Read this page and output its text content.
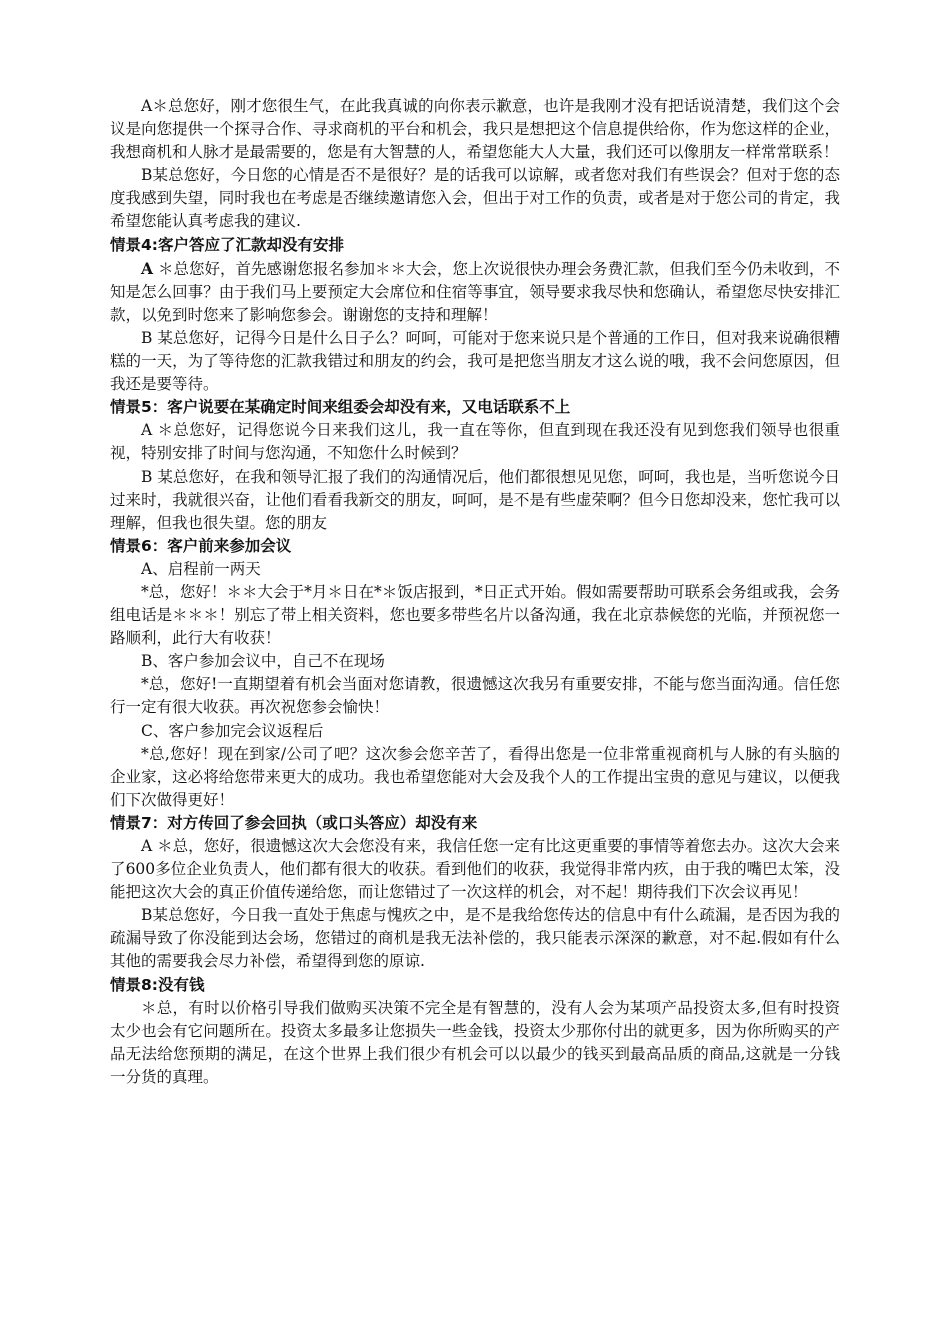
A＊总您好，刚才您很生气，在此我真诚的向你表示歉意，也许是我刚才没有把话说清楚，我们这个会议是向您提供一个探寻合作、寻求商机的平台和机会，我只是想把这个信息提供给你，作为您这样的企业，我想商机和人脉才是最需要的，您是有大智慧的人，希望您能大人大量，我们还可以像朋友一样常常联系！

B某总您好，今日您的心情是否不是很好？是的话我可以谅解，或者您对我们有些误会？但对于您的态度我感到失望，同时我也在考虑是否继续邀请您入会，但出于对工作的负责，或者是对于您公司的肯定，我希望您能认真考虑我的建议.

情景4:客户答应了汇款却没有安排

A ＊总您好，首先感谢您报名参加＊＊大会，您上次说很快办理会务费汇款，但我们至今仍未收到，不知是怎么回事？由于我们马上要预定大会席位和住宿等事宜，领导要求我尽快和您确认，希望您尽快安排汇款，以免到时您来了影响您参会。谢谢您的支持和理解！

B 某总您好，记得今日是什么日子么？呵呵，可能对于您来说只是个普通的工作日，但对我来说确很糟糕的一天，为了等待您的汇款我错过和朋友的约会，我可是把您当朋友才这么说的哦，我不会问您原因，但我还是要等待。

情景5：客户说要在某确定时间来组委会却没有来，又电话联系不上

A ＊总您好，记得您说今日来我们这儿，我一直在等你，但直到现在我还没有见到您我们领导也很重视，特别安排了时间与您沟通，不知您什么时候到？

B 某总您好，在我和领导汇报了我们的沟通情况后，他们都很想见见您，呵呵，我也是，当听您说今日过来时，我就很兴奋，让他们看看我新交的朋友，呵呵，是不是有些虚荣啊？但今日您却没来，您忙我可以理解，但我也很失望。您的朋友

情景6：客户前来参加会议

A、启程前一两天

*总，您好！＊＊大会于*月＊日在*＊饭店报到，*日正式开始。假如需要帮助可联系会务组或我，会务组电话是＊＊＊！别忘了带上相关资料，您也要多带些名片以备沟通，我在北京恭候您的光临，并预祝您一路顺利，此行大有收获！

B、客户参加会议中，自己不在现场

*总，您好!一直期望着有机会当面对您请教，很遗憾这次我另有重要安排，不能与您当面沟通。信任您行一定有很大收获。再次祝您参会愉快！

C、客户参加完会议返程后

*总,您好！现在到家/公司了吧？这次参会您辛苦了，看得出您是一位非常重视商机与人脉的有头脑的企业家，这必将给您带来更大的成功。我也希望您能对大会及我个人的工作提出宝贵的意见与建议，以便我们下次做得更好！

情景7：对方传回了参会回执（或口头答应）却没有来

A ＊总，您好，很遗憾这次大会您没有来，我信任您一定有比这更重要的事情等着您去办。这次大会来了600多位企业负责人，他们都有很大的收获。看到他们的收获，我觉得非常内疚，由于我的嘴巴太笨，没能把这次大会的真正价值传递给您，而让您错过了一次这样的机会，对不起！期待我们下次会议再见！

B某总您好，今日我一直处于焦虑与愧疚之中，是不是我给您传达的信息中有什么疏漏，是否因为我的疏漏导致了你没能到达会场，您错过的商机是我无法补偿的，我只能表示深深的歉意，对不起.假如有什么其他的需要我会尽力补偿，希望得到您的原谅.

情景8:没有钱

＊总，有时以价格引导我们做购买决策不完全是有智慧的，没有人会为某项产品投资太多,但有时投资太少也会有它问题所在。投资太多最多让您损失一些金钱，投资太少那你付出的就更多，因为你所购买的产品无法给您预期的满足，在这个世界上我们很少有机会可以以最少的钱买到最高品质的商品,这就是一分钱一分货的真理。
